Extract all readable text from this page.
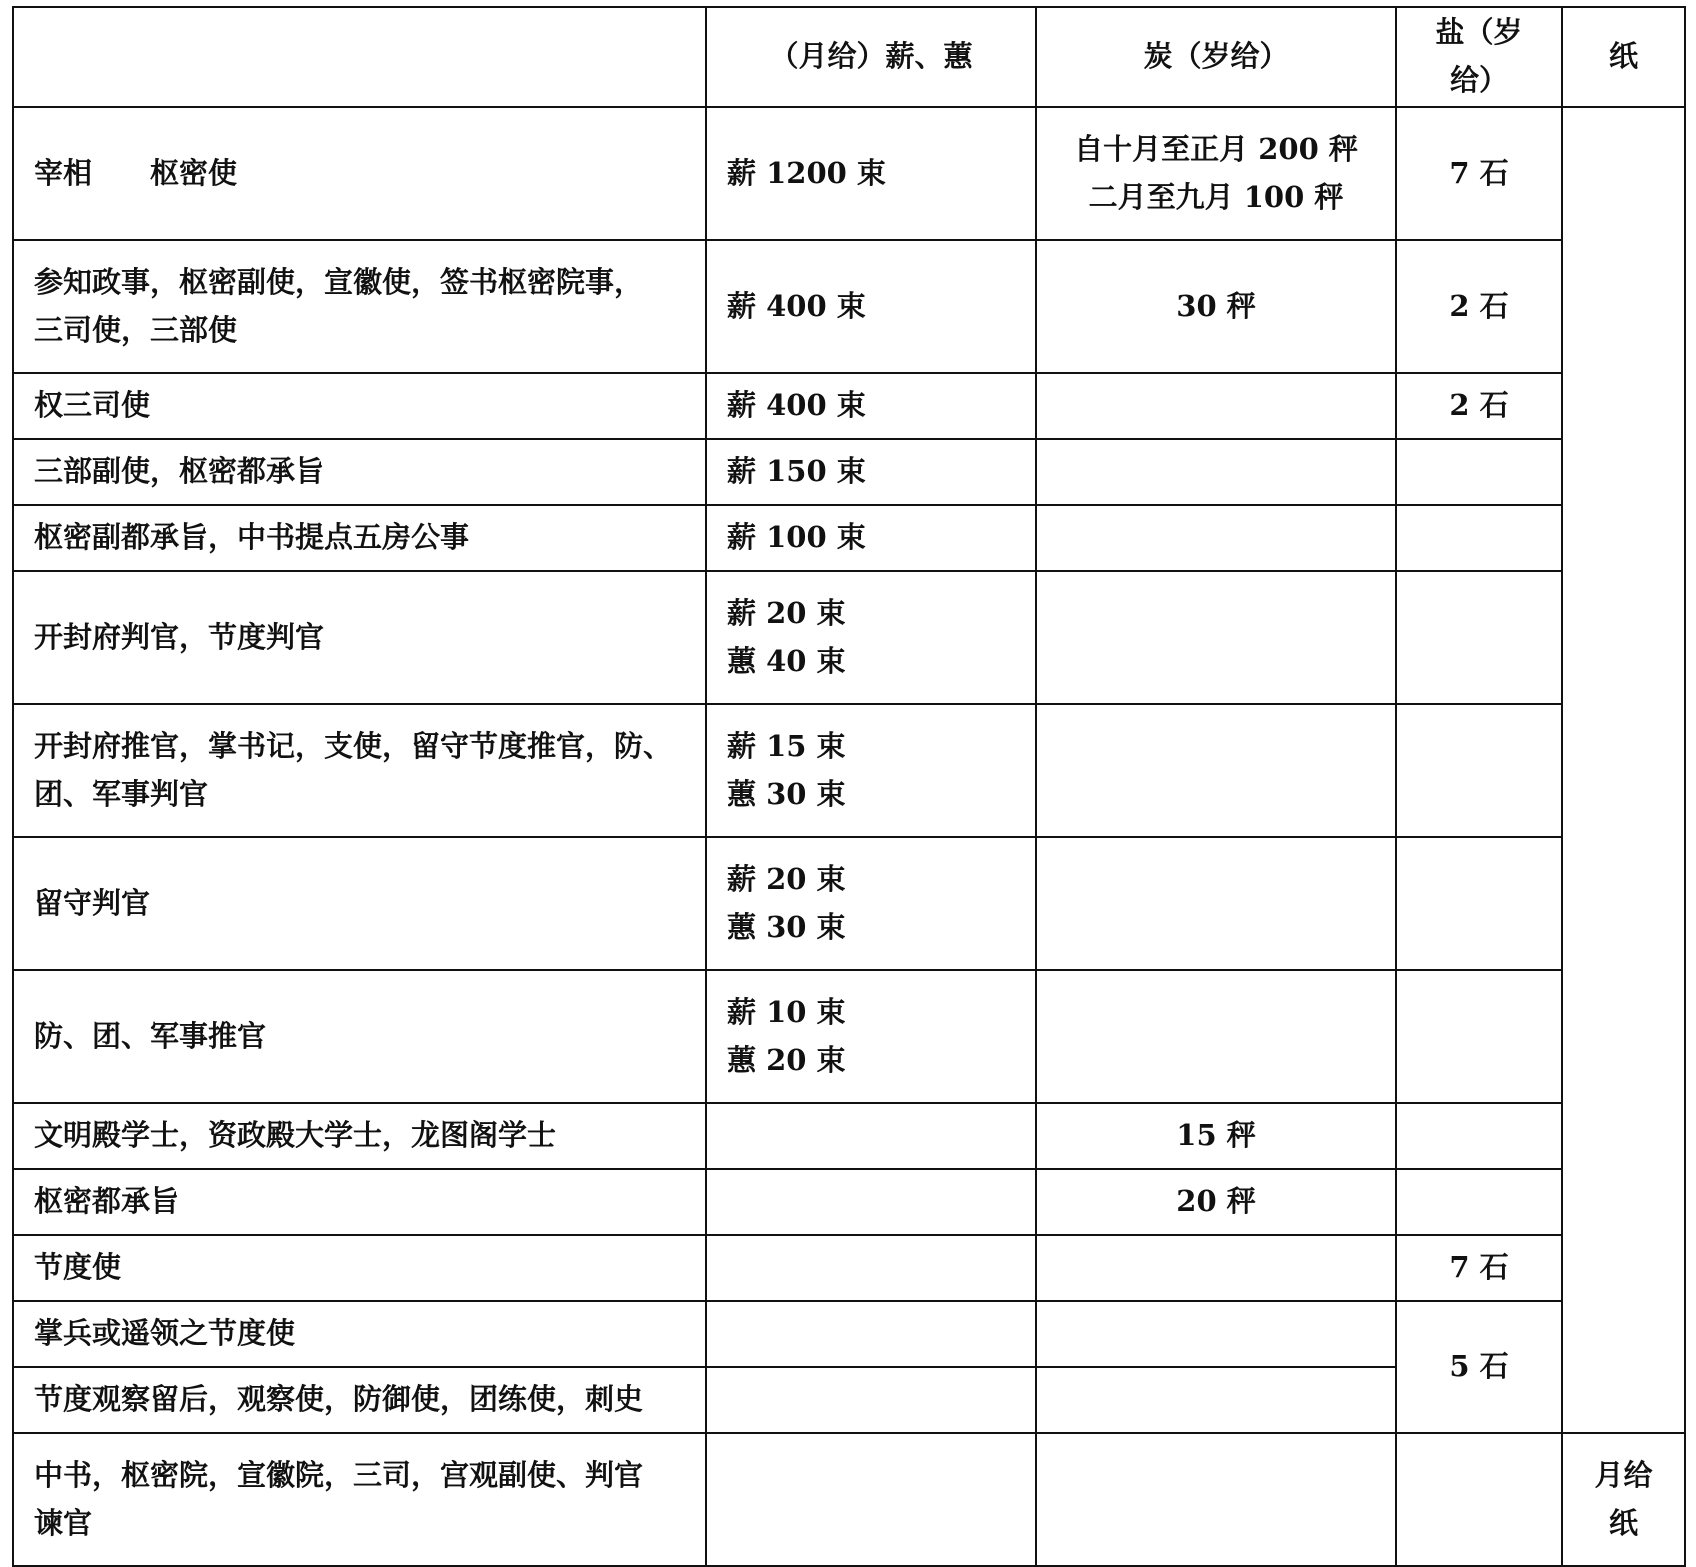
	（月给）薪、蕙	炭（岁给）	盐（岁给）	纸

宰相　　枢密使	薪 1200 束	自十月至正月 200 秤
二月至九月 100 秤	7 石	

参知政事，枢密副使，宣徽使，签书枢密院事，
三司使，三部使	薪 400 束	30 秤	2 石	

权三司使	薪 400 束		2 石	

三部副使，枢密都承旨	薪 150 束			

枢密副都承旨，中书提点五房公事	薪 100 束			

开封府判官，节度判官	薪 20 束
蕙 40 束			

开封府推官，掌书记，支使，留守节度推官，防、
团、军事判官	薪 15 束
蕙 30 束			

留守判官	薪 20 束
蕙 30 束			

防、团、军事推官	薪 10 束
蕙 20 束			

文明殿学士，资政殿大学士，龙图阁学士		15 秤		

枢密都承旨		20 秤		

节度使			7 石	

掌兵或遥领之节度使			5 石	

节度观察留后，观察使，防御使，团练使，刺史				

中书，枢密院，宣徽院，三司，宫观副使、判官
谏官				月给纸
